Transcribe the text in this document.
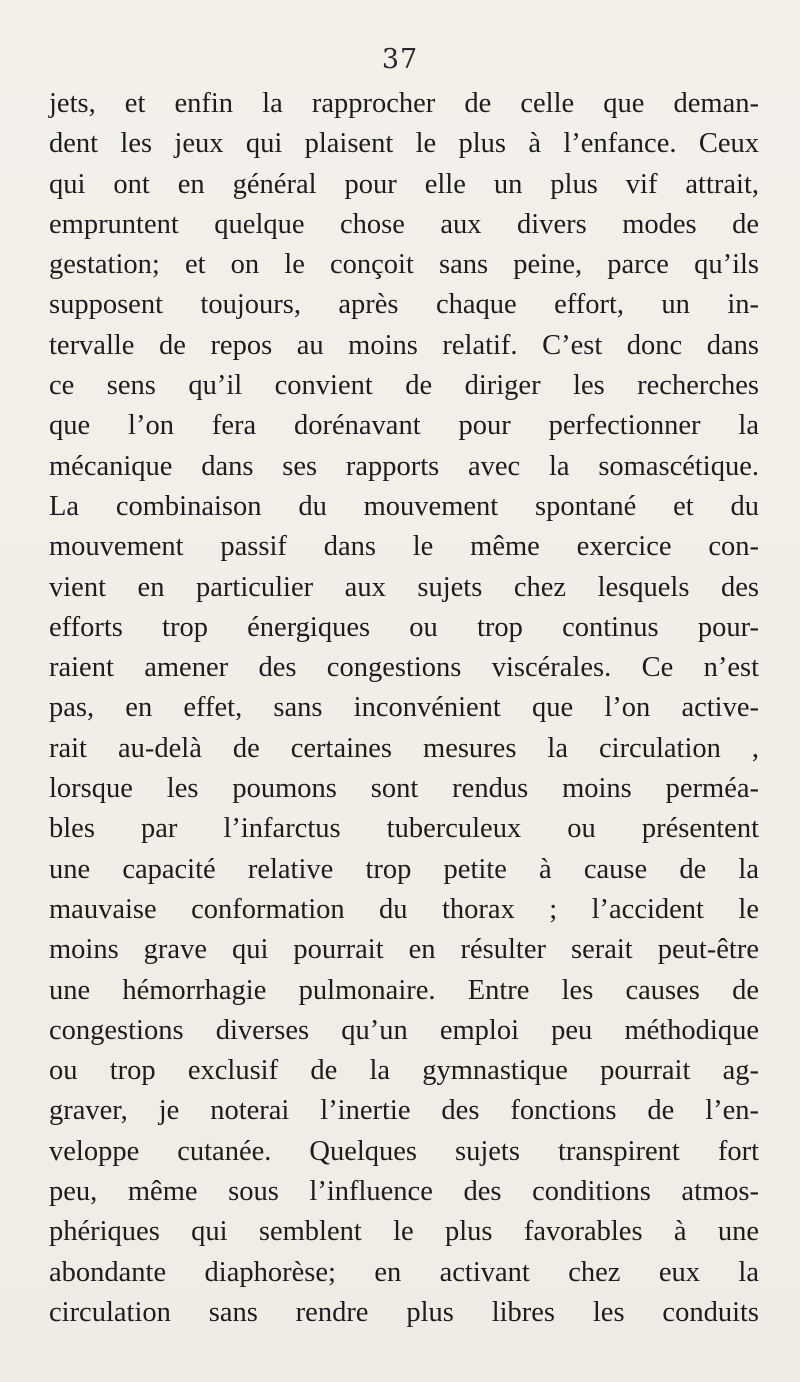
37
jets, et enfin la rapprocher de celle que deman-
dent les jeux qui plaisent le plus à l’enfance. Ceux
qui ont en général pour elle un plus vif attrait,
empruntent quelque chose aux divers modes de
gestation; et on le conçoit sans peine, parce qu’ils
supposent toujours, après chaque effort, un in-
tervalle de repos au moins relatif. C’est donc dans
ce sens qu’il convient de diriger les recherches
que l’on fera dorénavant pour perfectionner la
mécanique dans ses rapports avec la somascétique.
La combinaison du mouvement spontané et du
mouvement passif dans le même exercice con-
vient en particulier aux sujets chez lesquels des
efforts trop énergiques ou trop continus pour-
raient amener des congestions viscérales. Ce n’est
pas, en effet, sans inconvénient que l’on active-
rait au-delà de certaines mesures la circulation ,
lorsque les poumons sont rendus moins perméa-
bles par l’infarctus tuberculeux ou présentent
une capacité relative trop petite à cause de la
mauvaise conformation du thorax ; l’accident le
moins grave qui pourrait en résulter serait peut-être
une hémorrhagie pulmonaire. Entre les causes de
congestions diverses qu’un emploi peu méthodique
ou trop exclusif de la gymnastique pourrait ag-
graver, je noterai l’inertie des fonctions de l’en-
veloppe cutanée. Quelques sujets transpirent fort
peu, même sous l’influence des conditions atmos-
phériques qui semblent le plus favorables à une
abondante diaphorèse; en activant chez eux la
circulation sans rendre plus libres les conduits
